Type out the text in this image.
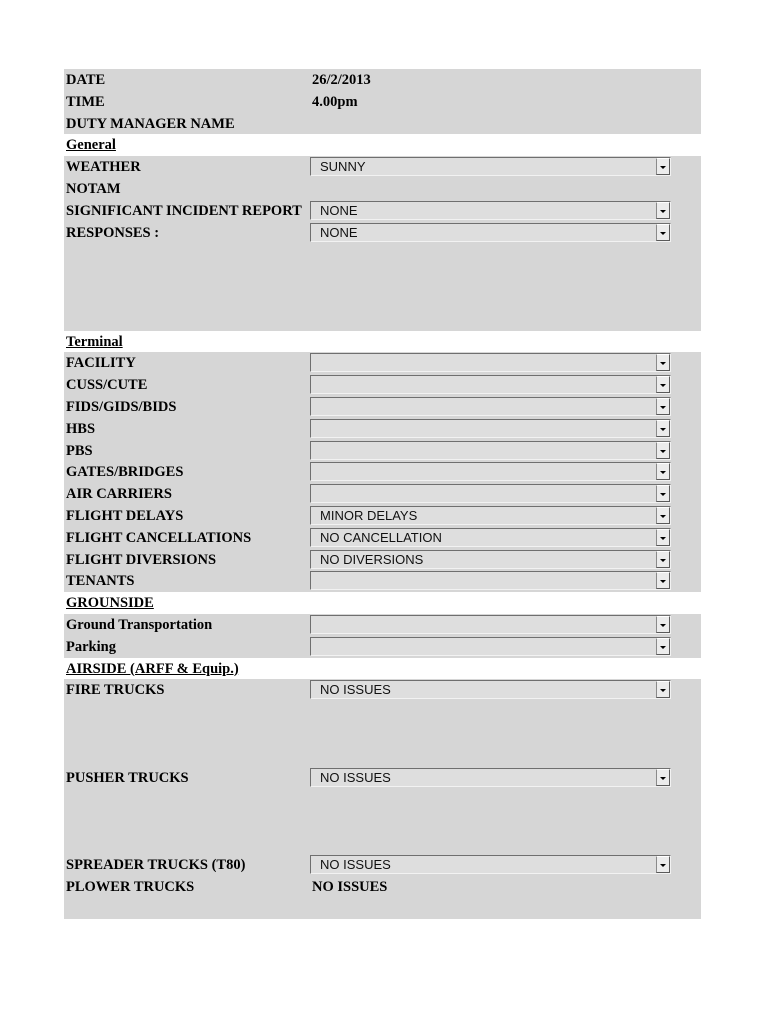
DATE	26/2/2013
TIME	4.00pm
DUTY MANAGER NAME
General
WEATHER	SUNNY
NOTAM
SIGNIFICANT INCIDENT REPORT NONE
RESPONSES :	NONE
Terminal
FACILITY
CUSS/CUTE
FIDS/GIDS/BIDS
HBS
PBS
GATES/BRIDGES
AIR CARRIERS
FLIGHT DELAYS	MINOR DELAYS
FLIGHT CANCELLATIONS	NO CANCELLATION
FLIGHT DIVERSIONS	NO DIVERSIONS
TENANTS
GROUNSIDE
Ground Transportation
Parking
AIRSIDE (ARFF & Equip.)
FIRE TRUCKS	NO ISSUES
PUSHER TRUCKS	NO ISSUES
SPREADER TRUCKS (T80)	NO ISSUES
PLOWER TRUCKS	NO ISSUES
